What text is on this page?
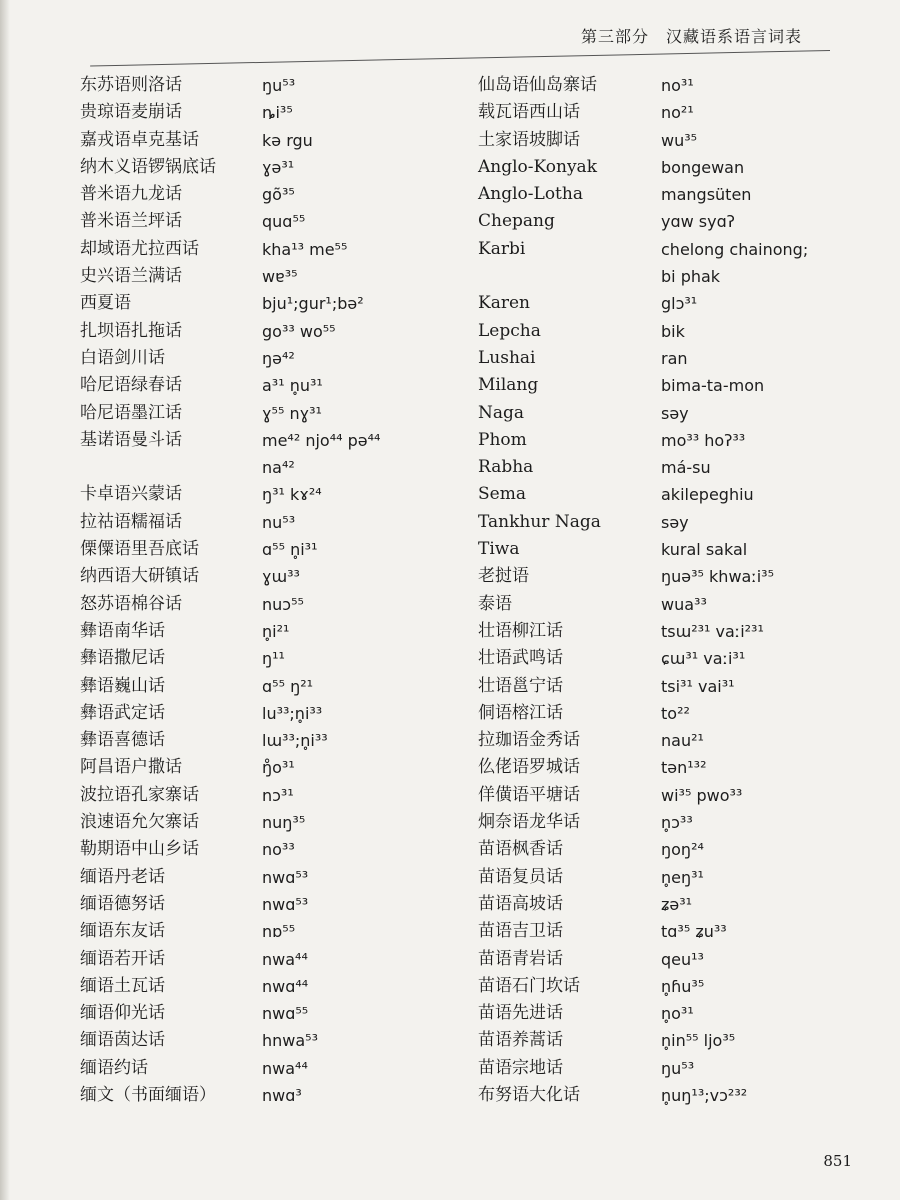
第三部分　汉藏语系语言词表
东苏语则洛话	ŋu⁵³
贵琼语麦崩话	ȵi³⁵
嘉戎语卓克基话	kə rgu
纳木义语锣锅底话	ɣə³¹
普米语九龙话	gõ³⁵
普米语兰坪话	quɑ⁵⁵
却域语尤拉西话	kha¹³ me⁵⁵
史兴语兰满话	wɐ³⁵
西夏语	bju¹;gur¹;bə²
扎坝语扎拖话	go³³ wo⁵⁵
白语剑川话	ŋə⁴²
哈尼语绿春话	a³¹ n̥u³¹
哈尼语墨江话	ɣ⁵⁵ nɣ³¹
基诺语曼斗话	me⁴² njo⁴⁴ pə⁴⁴
na⁴²
卡卓语兴蒙话	ŋ³¹ kɤ²⁴
拉祜语糯福话	nu⁵³
傈僳语里吾底话	ɑ⁵⁵ n̥i³¹
纳西语大研镇话	ɣɯ³³
怒苏语棉谷话	nuɔ⁵⁵
彝语南华话	n̥i²¹
彝语撒尼话	ŋ¹¹
彝语巍山话	ɑ⁵⁵ ŋ²¹
彝语武定话	lu³³;n̥i³³
彝语喜德话	lɯ³³;n̥i³³
阿昌语户撒话	ŋ̊o³¹
波拉语孔家寨话	nɔ³¹
浪速语允欠寨话	nuŋ³⁵
勒期语中山乡话	no³³
缅语丹老话	nwɑ⁵³
缅语德努话	nwɑ⁵³
缅语东友话	nɒ⁵⁵
缅语若开话	nwa⁴⁴
缅语土瓦话	nwɑ⁴⁴
缅语仰光话	nwɑ⁵⁵
缅语茵达话	hnwa⁵³
缅语约话	nwa⁴⁴
缅文（书面缅语）	nwɑ³
仙岛语仙岛寨话	no³¹
载瓦语西山话	no²¹
土家语坡脚话	wu³⁵
Anglo-Konyak	bongewan
Anglo-Lotha	mangsüten
Chepang	yɑw syɑʔ
Karbi	chelong chainong;
bi phak
Karen	glɔ³¹
Lepcha	bik
Lushai	ran
Milang	bima-ta-mon
Naga	səy
Phom	mo³³ hoʔ³³
Rabha	má-su
Sema	akilepeghiu
Tankhur Naga	səy
Tiwa	kural sakal
老挝语	ŋuə³⁵ khwaːi³⁵
泰语	wua³³
壮语柳江话	tsɯ²³¹ vaːi²³¹
壮语武鸣话	ɕɯ³¹ vaːi³¹
壮语邕宁话	tsi³¹ vai³¹
侗语榕江话	to²²
拉珈语金秀话	nau²¹
仫佬语罗城话	tən¹³²
佯僙语平塘话	wi³⁵ pwo³³
炯奈语龙华话	n̥ɔ³³
苗语枫香话	ŋoŋ²⁴
苗语复员话	n̥eŋ³¹
苗语高坡话	ʑə³¹
苗语吉卫话	tɑ³⁵ ʑu³³
苗语青岩话	qeu¹³
苗语石门坎话	n̥ɦu³⁵
苗语先进话	n̥o³¹
苗语养蒿话	n̥in⁵⁵ ljo³⁵
苗语宗地话	ŋu⁵³
布努语大化话	n̥uŋ¹³;vɔ²³²
851
